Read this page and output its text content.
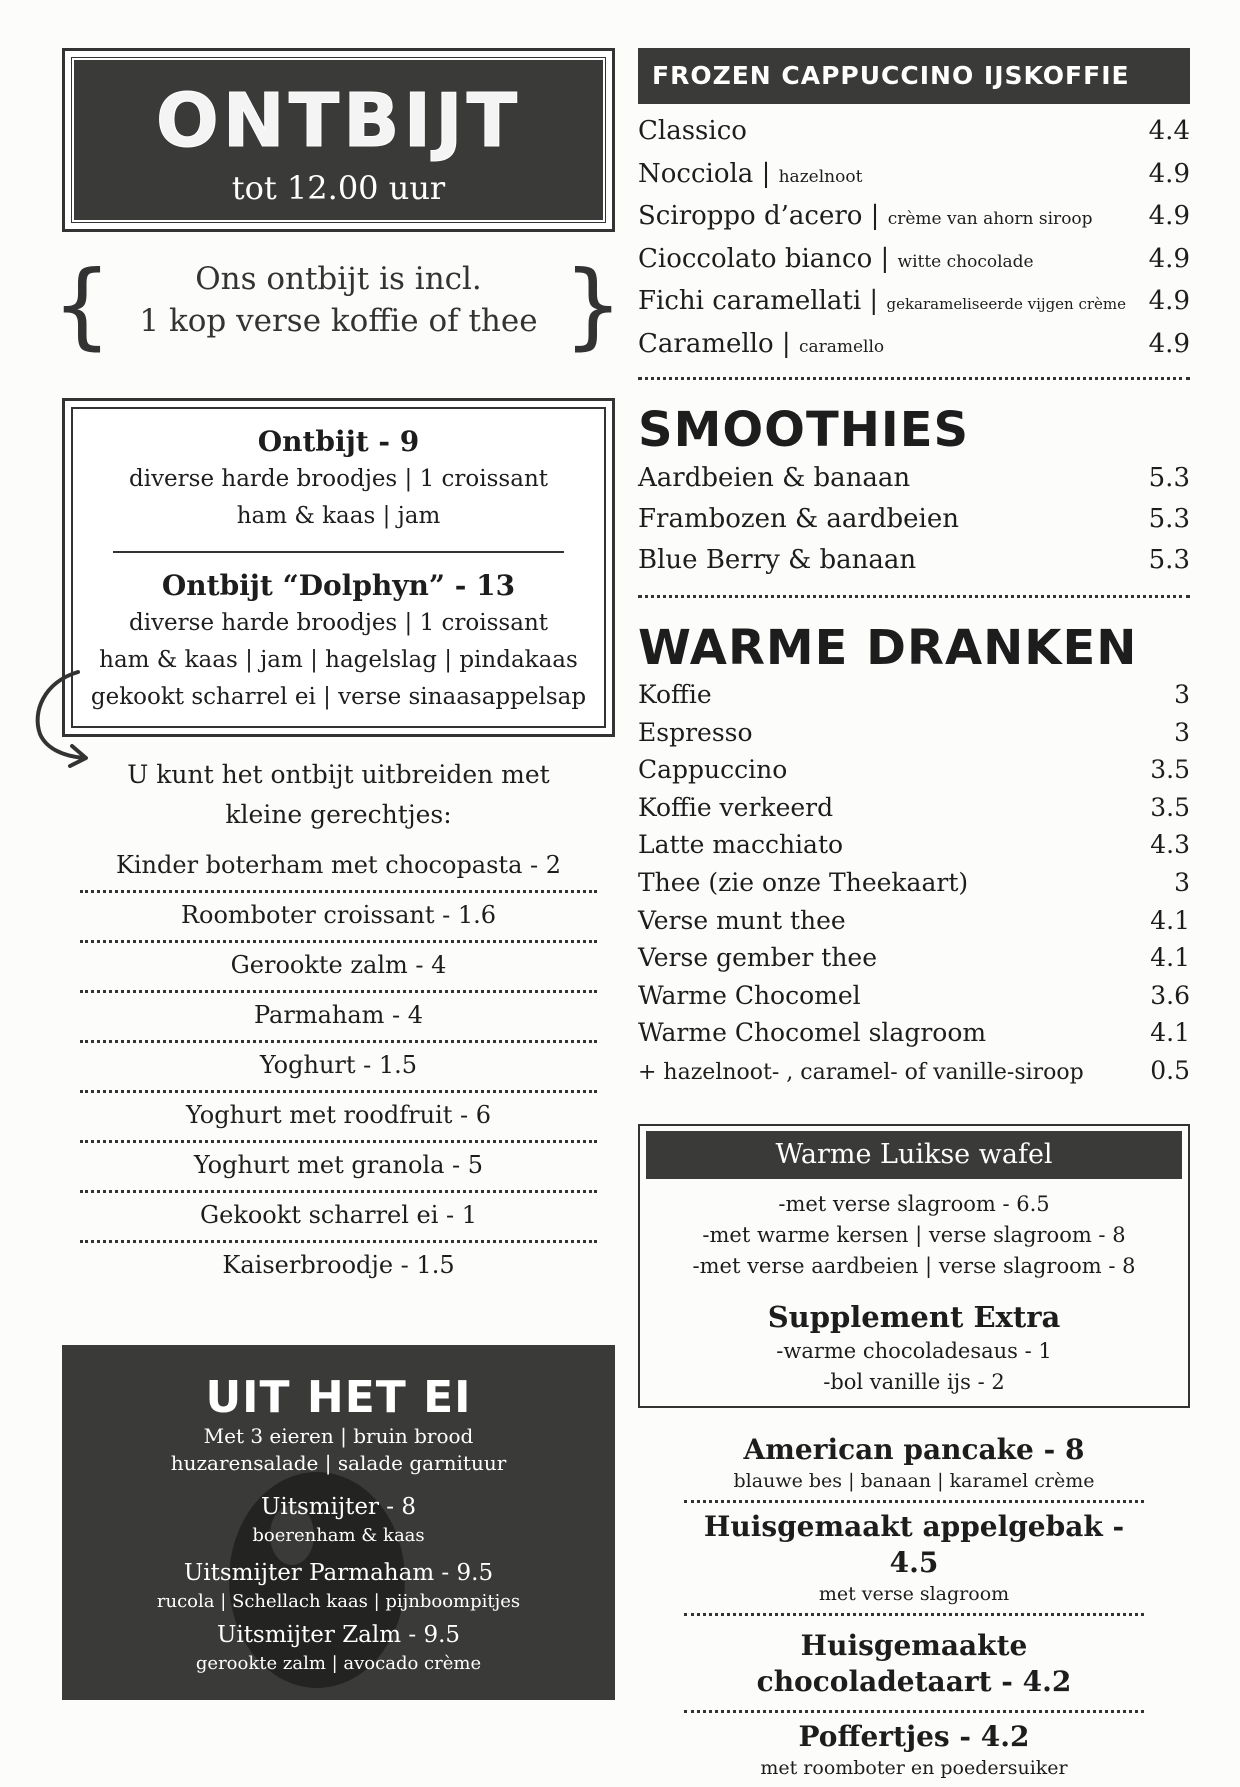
ONTBIJT
tot 12.00 uur
{	}
Ons ontbijt is incl.
1 kop verse koffie of thee
Ontbijt - 9
diverse harde broodjes | 1 croissant
ham & kaas | jam
Ontbijt “Dolphyn” - 13
diverse harde broodjes | 1 croissant
ham & kaas | jam | hagelslag | pindakaas
gekookt scharrel ei | verse sinaasappelsap
U kunt het ontbijt uitbreiden met
kleine gerechtjes:
Kinder boterham met chocopasta - 2
Roomboter croissant - 1.6
Gerookte zalm - 4
Parmaham - 4
Yoghurt - 1.5
Yoghurt met roodfruit - 6
Yoghurt met granola - 5
Gekookt scharrel ei - 1
Kaiserbroodje - 1.5
UIT HET EI
Met 3 eieren | bruin brood
huzarensalade | salade garnituur
Uitsmijter - 8
boerenham & kaas
Uitsmijter Parmaham - 9.5
rucola | Schellach kaas | pijnboompitjes
Uitsmijter Zalm - 9.5
gerookte zalm | avocado crème
FROZEN CAPPUCCINO IJSKOFFIE
Classico	4.4
Nocciola | hazelnoot	4.9
Sciroppo d’acero | crème van ahorn siroop 4.9
Cioccolato bianco | witte chocolade	4.9
Fichi caramellati | gekarameliseerde vijgen crème 4.9
Caramello | caramello	4.9
SMOOTHIES
Aardbeien & banaan	5.3
Frambozen & aardbeien	5.3
Blue Berry & banaan	5.3
WARME DRANKEN
Koffie	3
Espresso	3
Cappuccino	3.5
Koffie verkeerd	3.5
Latte macchiato	4.3
Thee (zie onze Theekaart)	3
Verse munt thee	4.1
Verse gember thee	4.1
Warme Chocomel	3.6
Warme Chocomel slagroom	4.1
+ hazelnoot- , caramel- of vanille-siroop	0.5
Warme Luikse wafel
-met verse slagroom - 6.5
-met warme kersen | verse slagroom - 8
-met verse aardbeien | verse slagroom - 8
Supplement Extra
-warme chocoladesaus - 1
-bol vanille ijs - 2
American pancake - 8
blauwe bes | banaan | karamel crème
Huisgemaakt appelgebak - 4.5
met verse slagroom
Huisgemaakte chocoladetaart - 4.2
Poffertjes - 4.2
met roomboter en poedersuiker
